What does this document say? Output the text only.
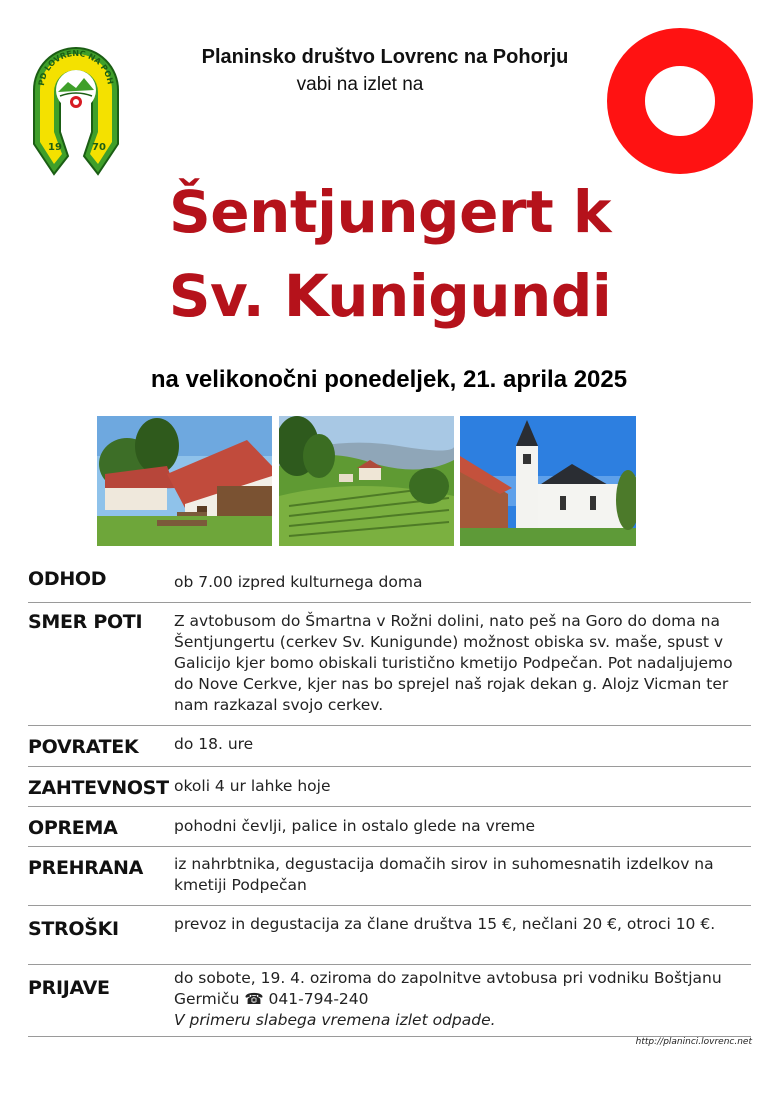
PD LOVRENC NA POH
19	70
Planinsko društvo Lovrenc na Pohorju
vabi na izlet na
Šentjungert k
Sv. Kunigundi
na velikonočni ponedeljek, 21. aprila 2025
ODHOD	ob 7.00 izpred kulturnega doma
SMER POTI Z avtobusom do Šmartna v Rožni dolini, nato peš na Goro do doma na Šentjungertu (cerkev Sv. Kunigunde) možnost obiska sv. maše, spust v Galicijo kjer bomo obiskali turistično kmetijo Podpečan. Pot nadaljujemo do Nove Cerkve, kjer nas bo sprejel naš rojak dekan g. Alojz Vicman ter nam razkazal svojo cerkev.
POVRATEK do 18. ure
ZAHTEVNOST okoli 4 ur lahke hoje
OPREMA	pohodni čevlji, palice in ostalo glede na vreme
PREHRANA iz nahrbtnika, degustacija domačih sirov in suhomesnatih izdelkov na kmetiji Podpečan
STROŠKI	prevoz in degustacija za člane društva 15 €, nečlani 20 €, otroci 10 €.
PRIJAVE	do sobote, 19. 4. oziroma do zapolnitve avtobusa pri vodniku Boštjanu Germiču ☎ 041-794-240
V primeru slabega vremena izlet odpade.
http://planinci.lovrenc.net
